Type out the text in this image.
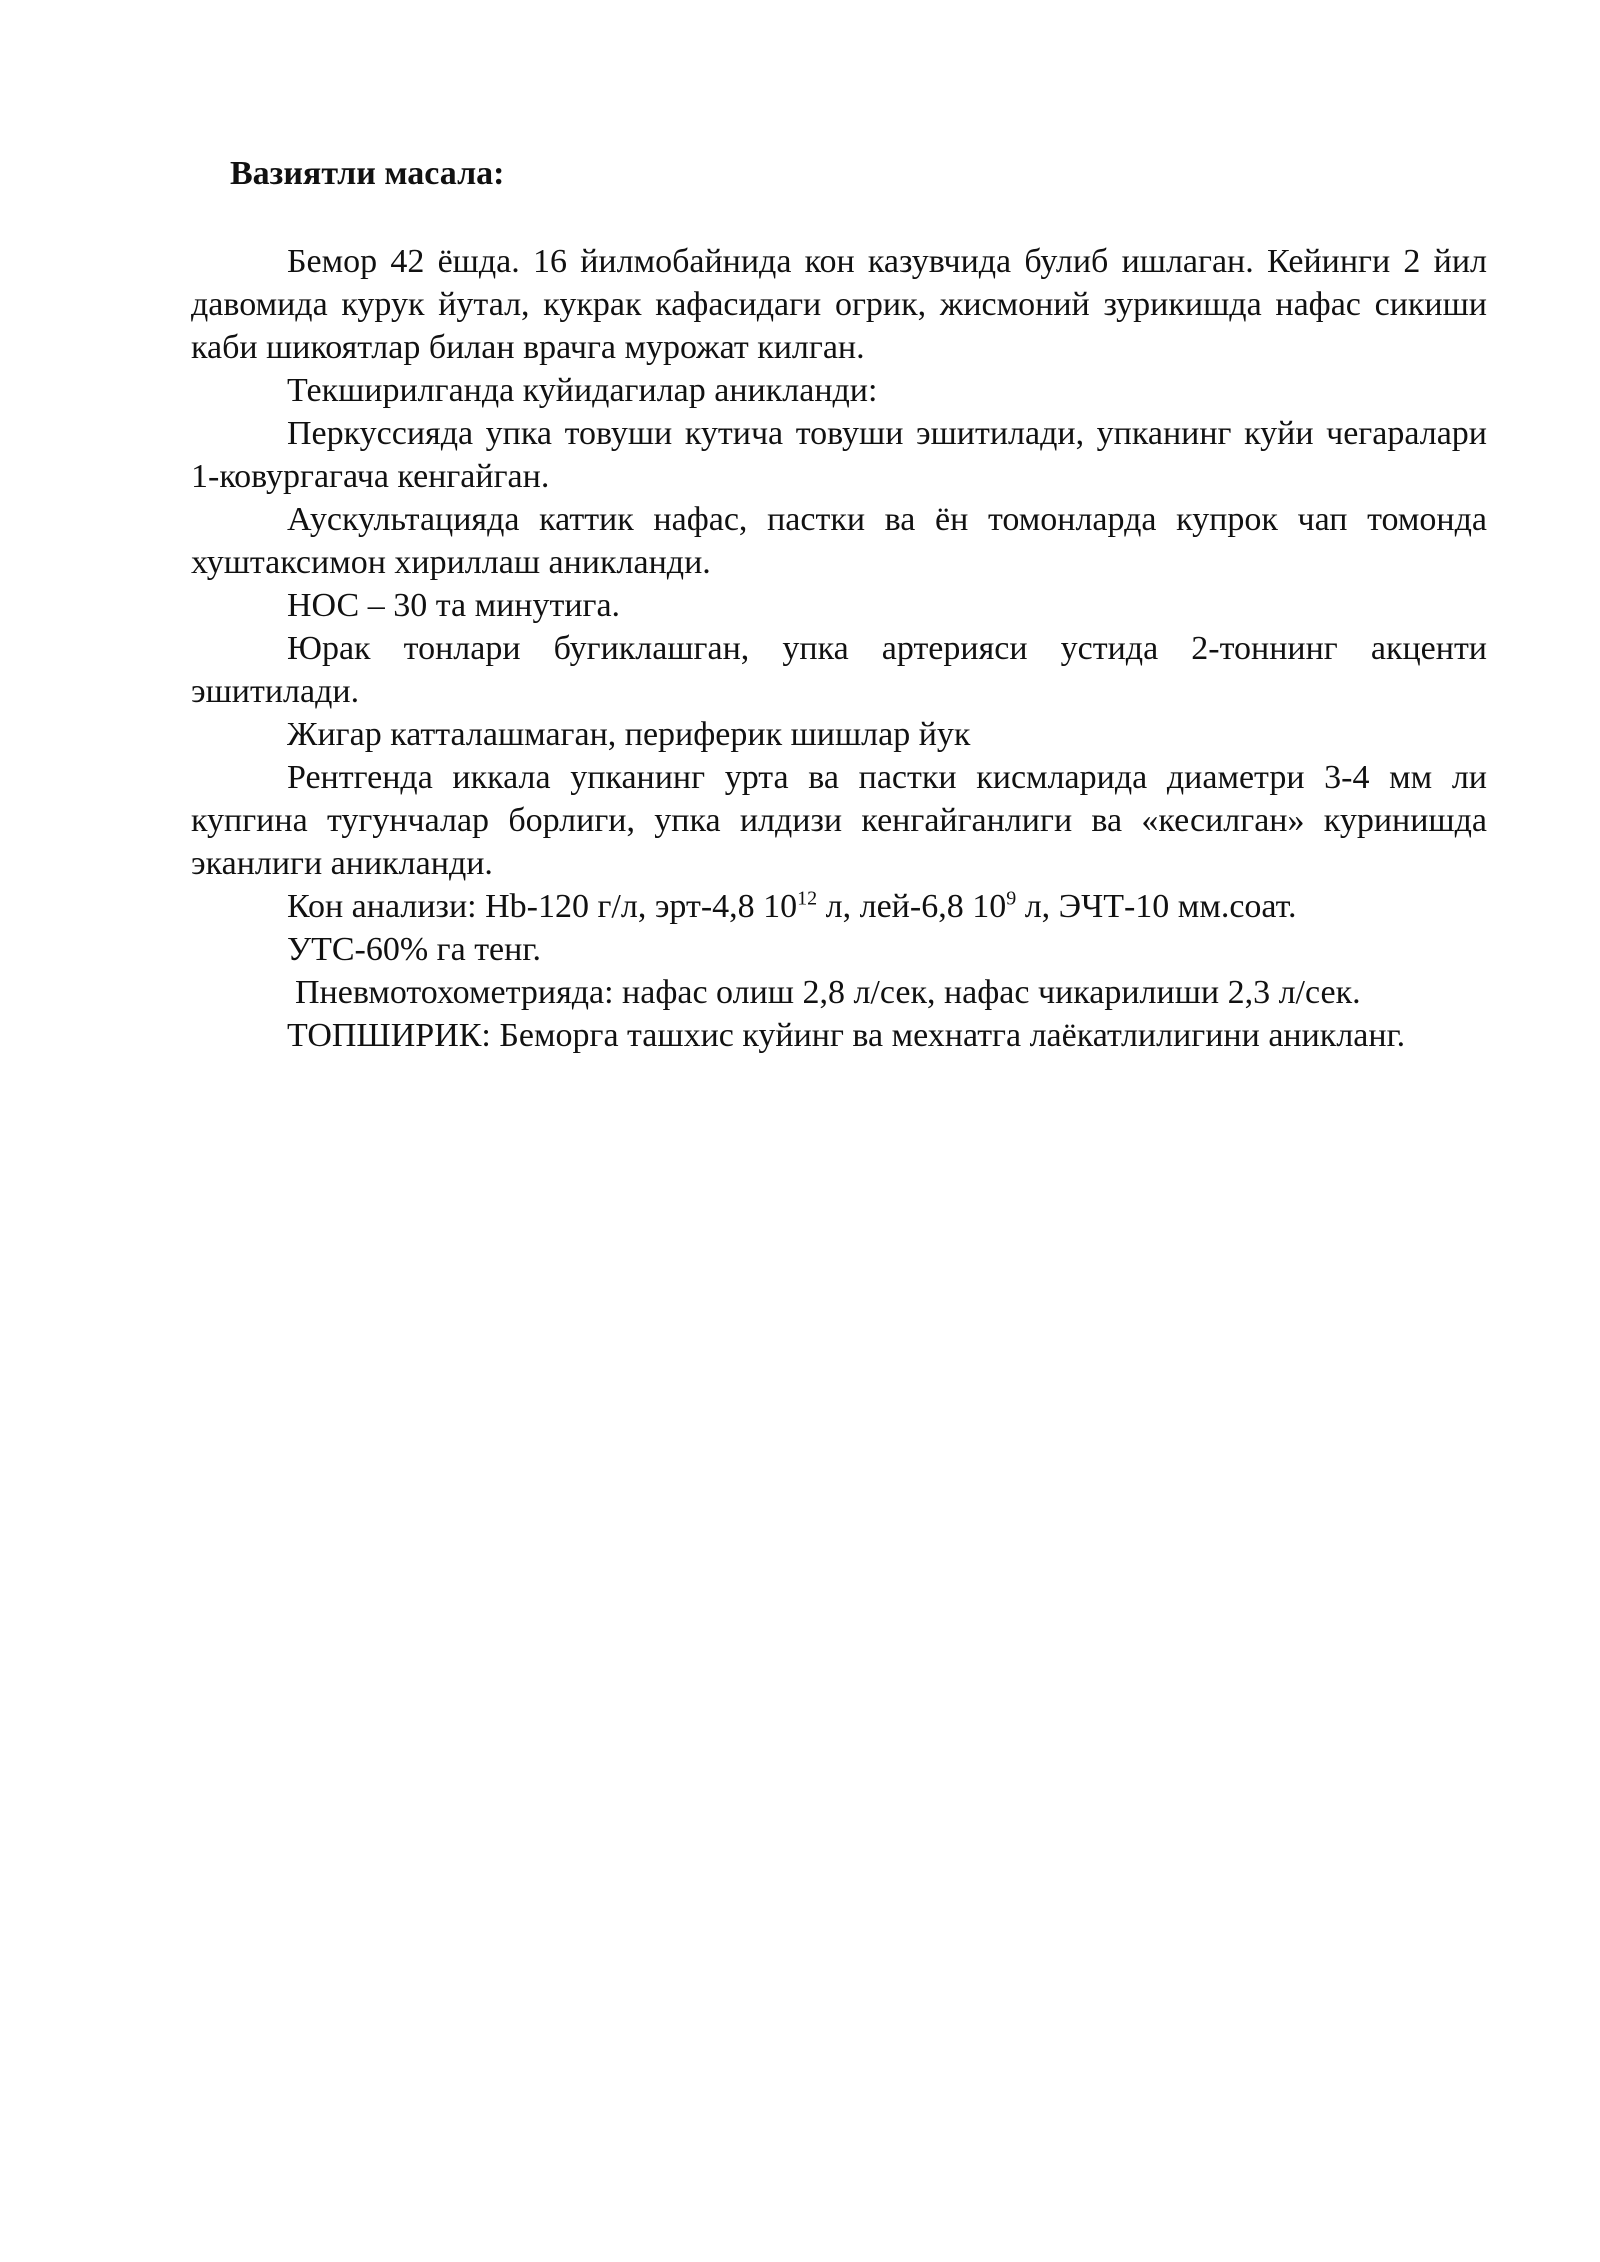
Вазиятли масала:

Бемор 42 ёшда. 16 йилмобайнида кон казувчида булиб ишлаган. Кейинги 2 йил давомида курук йутал, кукрак кафасидаги огрик, жисмоний зурикишда нафас сикиши каби шикоятлар билан врачга мурожат килган.

Текширилганда куйидагилар аникланди:

Перкуссияда упка товуши кутича товуши эшитилади, упканинг куйи чегаралари 1-ковургагача кенгайган.

Аускультацияда каттик нафас, пастки ва ён томонларда купрок чап томонда хуштаксимон хириллаш аникланди.

НОС – 30 та минутига.

Юрак тонлари бугиклашган, упка артерияси устида 2-тоннинг акценти эшитилади.

Жигар катталашмаган, периферик шишлар йук

Рентгенда иккала упканинг урта ва пастки кисмларида диаметри 3-4 мм ли купгина тугунчалар борлиги, упка илдизи кенгайганлиги ва «кесилган» куринишда эканлиги аникланди.

Кон анализи: Hb-120 г/л, эрт-4,8 $10^{12}$ л, лей-6,8 $10^9$ л, ЭЧТ-10 мм.соат.

УТС-60% га тенг.

Пневмотохометрияда: нафас олиш 2,8 л/сек, нафас чикарилиши 2,3 л/сек.

ТОПШИРИК: Беморга ташхис куйинг ва мехнатга лаёкатлилигини аникланг.
